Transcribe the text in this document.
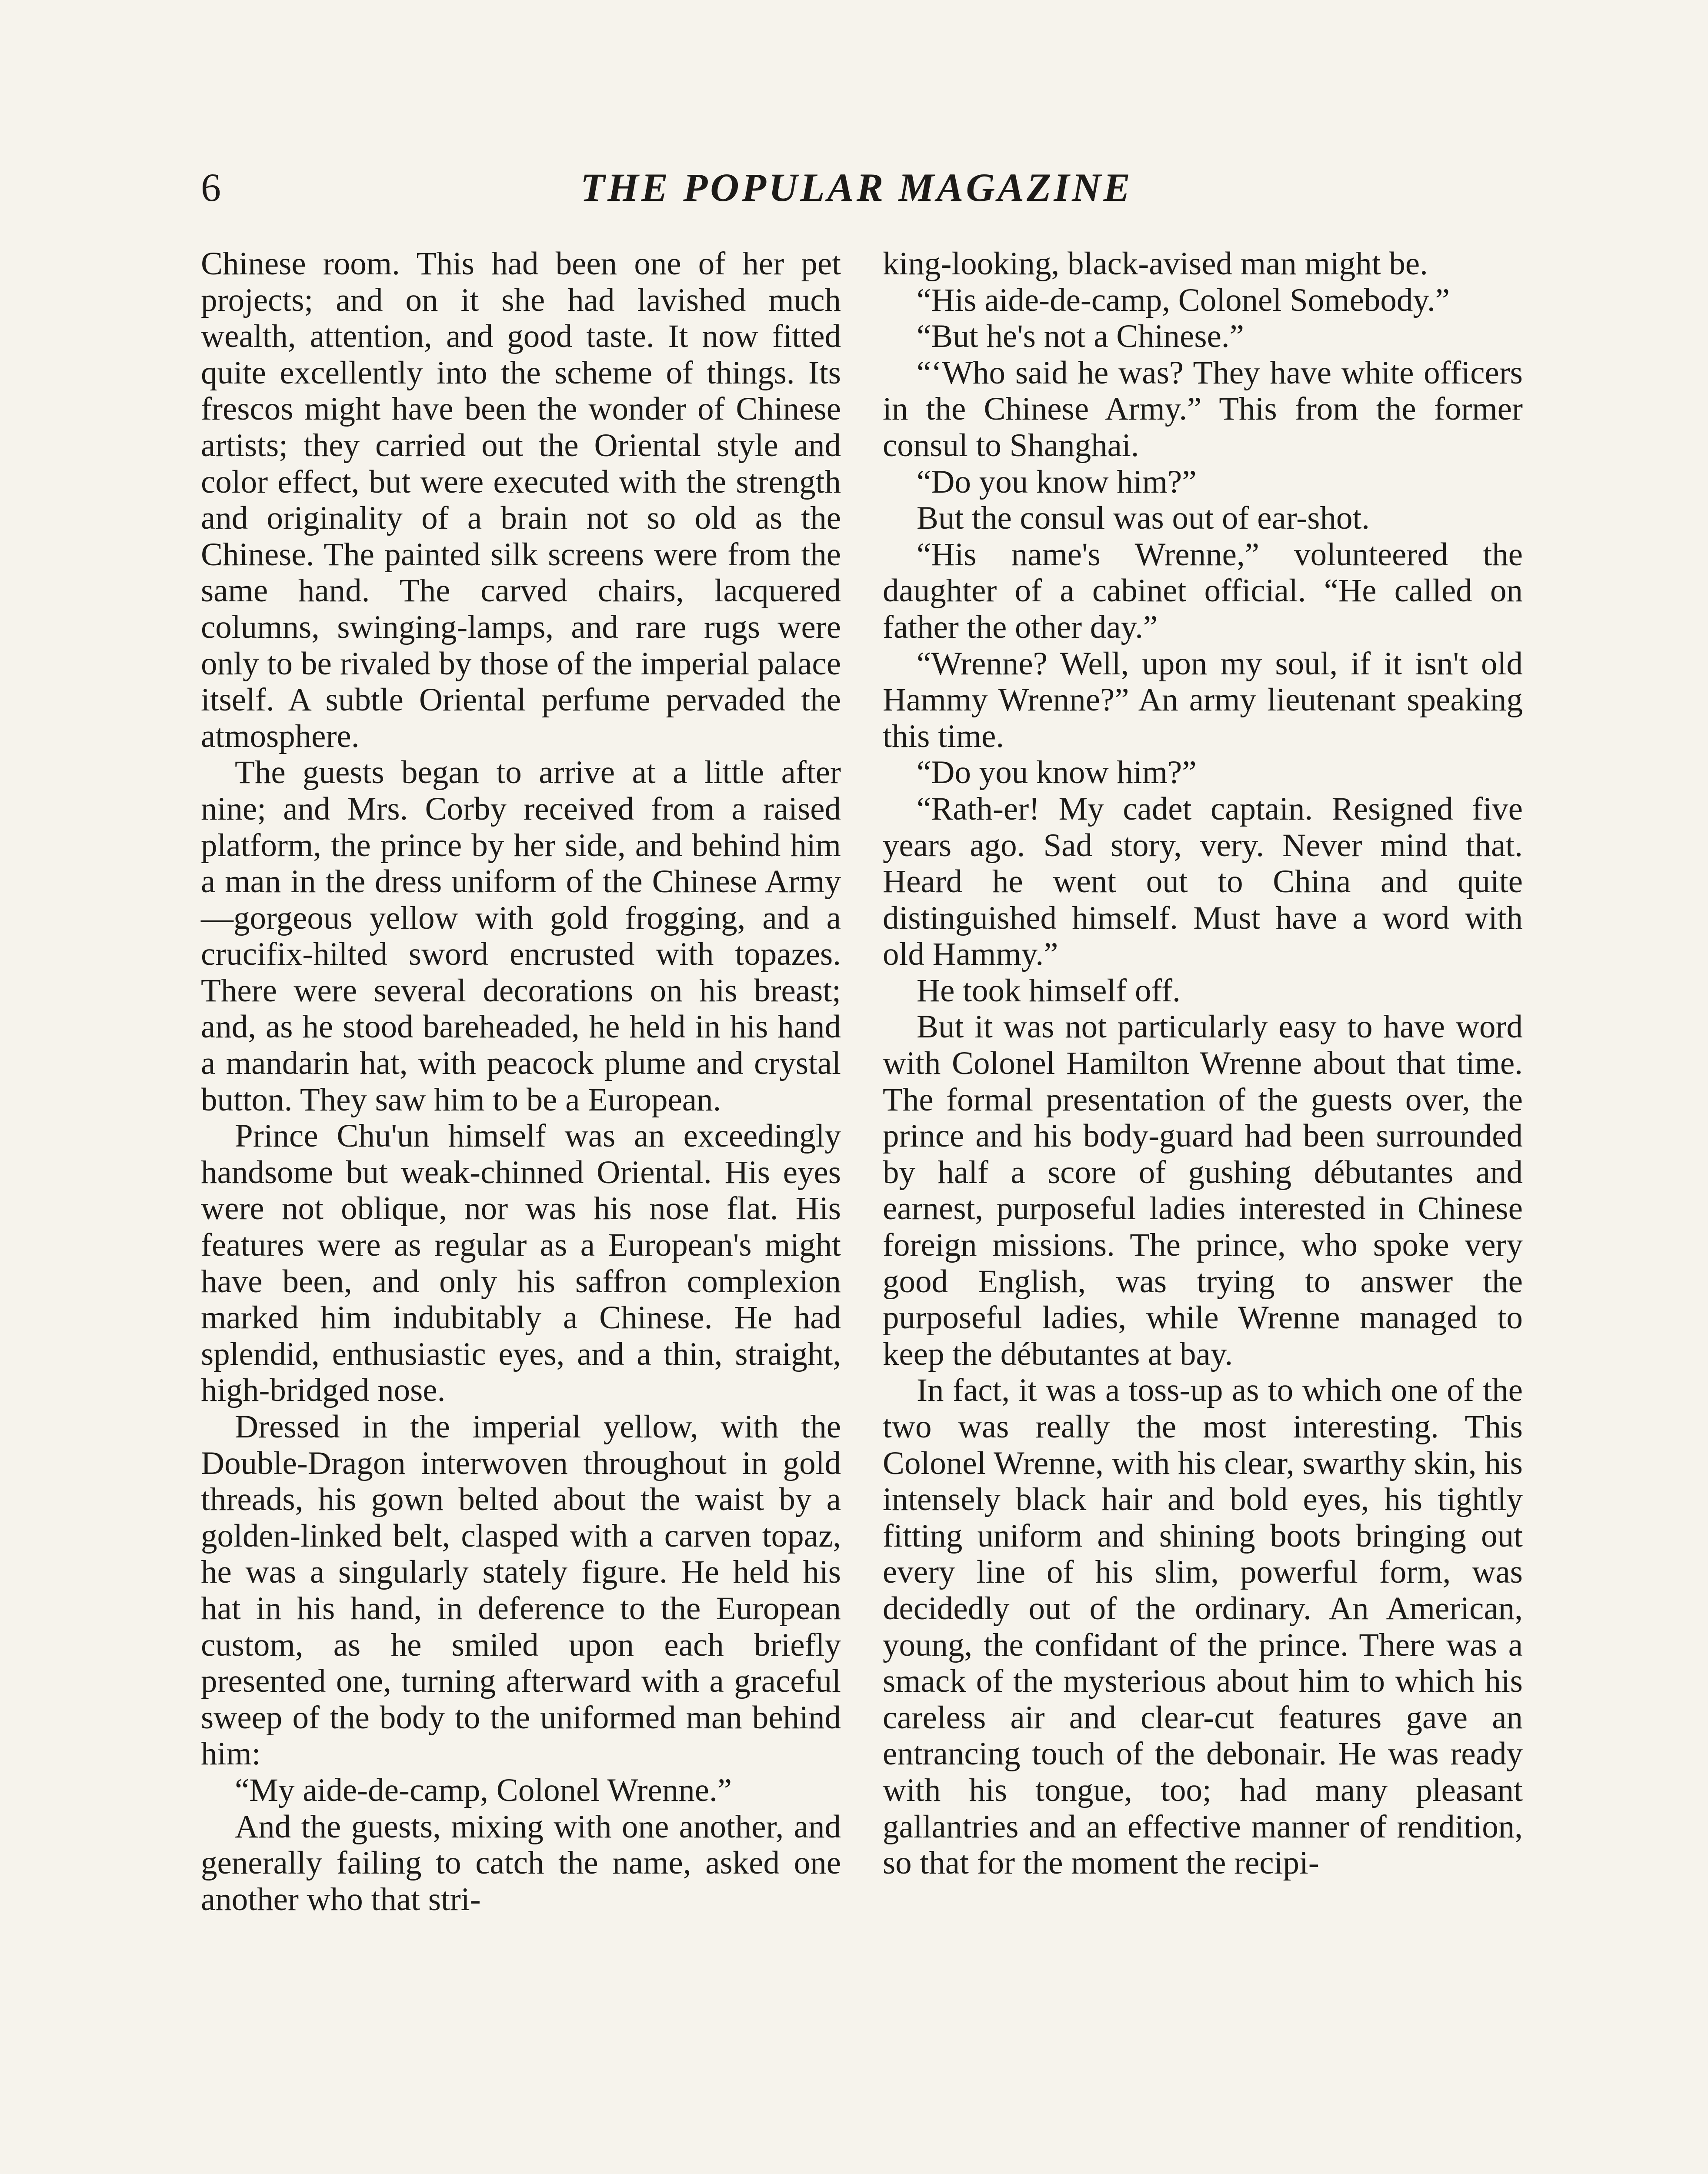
6	THE POPULAR MAGAZINE

Chinese room. This had been one of her pet projects; and on it she had lavished much wealth, attention, and good taste. It now fitted quite excellently into the scheme of things. Its frescos might have been the wonder of Chinese artists; they carried out the Oriental style and color effect, but were executed with the strength and originality of a brain not so old as the Chinese. The painted silk screens were from the same hand. The carved chairs, lacquered columns, swinging-lamps, and rare rugs were only to be rivaled by those of the imperial palace itself. A subtle Oriental perfume pervaded the atmosphere.

The guests began to arrive at a little after nine; and Mrs. Corby received from a raised platform, the prince by her side, and behind him a man in the dress uniform of the Chinese Army—gorgeous yellow with gold frogging, and a crucifix-hilted sword encrusted with topazes. There were several decorations on his breast; and, as he stood bareheaded, he held in his hand a mandarin hat, with peacock plume and crystal button. They saw him to be a European.

Prince Chu'un himself was an exceedingly handsome but weak-chinned Oriental. His eyes were not oblique, nor was his nose flat. His features were as regular as a European's might have been, and only his saffron complexion marked him indubitably a Chinese. He had splendid, enthusiastic eyes, and a thin, straight, high-bridged nose.

Dressed in the imperial yellow, with the Double-Dragon interwoven throughout in gold threads, his gown belted about the waist by a golden-linked belt, clasped with a carven topaz, he was a singularly stately figure. He held his hat in his hand, in deference to the European custom, as he smiled upon each briefly presented one, turning afterward with a graceful sweep of the body to the uniformed man behind him:

“My aide-de-camp, Colonel Wrenne.”

And the guests, mixing with one another, and generally failing to catch the name, asked one another who that stri-

king-looking, black-avised man might be.

“His aide-de-camp, Colonel Somebody.”

“But he's not a Chinese.”

“‘Who said he was? They have white officers in the Chinese Army.” This from the former consul to Shanghai.

“Do you know him?”

But the consul was out of ear-shot.

“His name's Wrenne,” volunteered the daughter of a cabinet official. “He called on father the other day.”

“Wrenne? Well, upon my soul, if it isn't old Hammy Wrenne?” An army lieutenant speaking this time.

“Do you know him?”

“Rath-er! My cadet captain. Resigned five years ago. Sad story, very. Never mind that. Heard he went out to China and quite distinguished himself. Must have a word with old Hammy.”

He took himself off.

But it was not particularly easy to have word with Colonel Hamilton Wrenne about that time. The formal presentation of the guests over, the prince and his body-guard had been surrounded by half a score of gushing débutantes and earnest, purposeful ladies interested in Chinese foreign missions. The prince, who spoke very good English, was trying to answer the purposeful ladies, while Wrenne managed to keep the débutantes at bay.

In fact, it was a toss-up as to which one of the two was really the most interesting. This Colonel Wrenne, with his clear, swarthy skin, his intensely black hair and bold eyes, his tightly fitting uniform and shining boots bringing out every line of his slim, powerful form, was decidedly out of the ordinary. An American, young, the confidant of the prince. There was a smack of the mysterious about him to which his careless air and clear-cut features gave an entrancing touch of the debonair. He was ready with his tongue, too; had many pleasant gallantries and an effective manner of rendition, so that for the moment the recipi-
